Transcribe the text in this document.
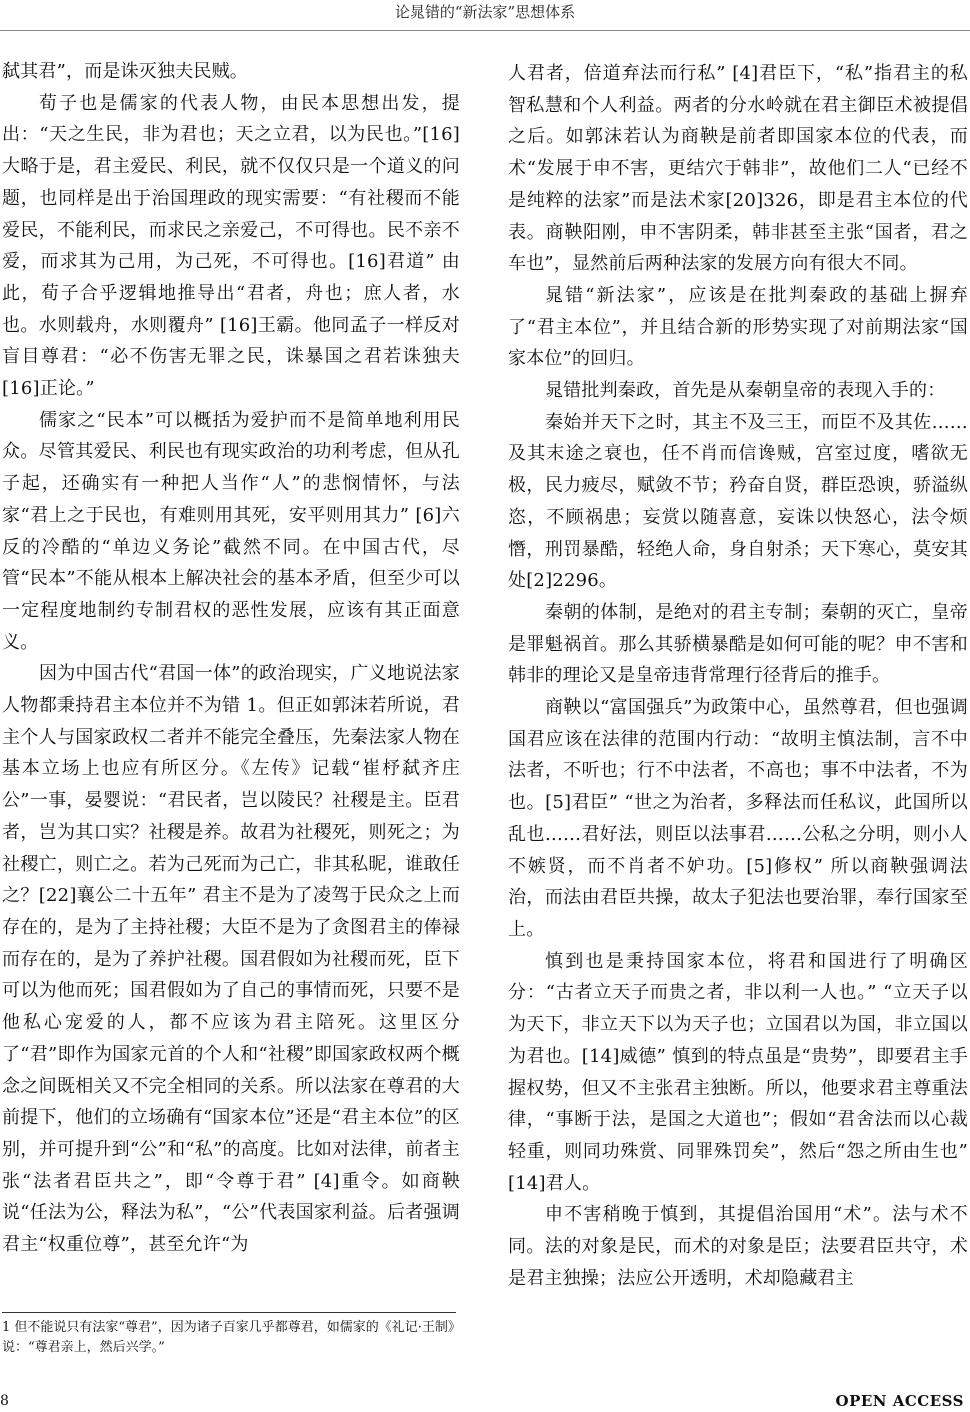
论晁错的“新法家”思想体系

弑其君”，而是诛灭独夫民贼。

荀子也是儒家的代表人物，由民本思想出发，提出：“天之生民，非为君也；天之立君，以为民也。”[16]大略于是，君主爱民、利民，就不仅仅只是一个道义的问题，也同样是出于治国理政的现实需要：“有社稷而不能爱民，不能利民，而求民之亲爱己，不可得也。民不亲不爱，而求其为己用，为己死，不可得也。[16]君道” 由此，荀子合乎逻辑地推导出“君者，舟也；庶人者，水也。水则载舟，水则覆舟” [16]王霸。他同孟子一样反对盲目尊君：“必不伤害无罪之民，诛暴国之君若诛独夫[16]正论。”

儒家之“民本”可以概括为爱护而不是简单地利用民众。尽管其爱民、利民也有现实政治的功利考虑，但从孔子起，还确实有一种把人当作“人”的悲悯情怀，与法家“君上之于民也，有难则用其死，安平则用其力” [6]六反的冷酷的“单边义务论”截然不同。在中国古代，尽管“民本”不能从根本上解决社会的基本矛盾，但至少可以一定程度地制约专制君权的恶性发展，应该有其正面意义。

因为中国古代“君国一体”的政治现实，广义地说法家人物都秉持君主本位并不为错 1。但正如郭沫若所说，君主个人与国家政权二者并不能完全叠压，先秦法家人物在基本立场上也应有所区分。《左传》记载“崔杼弑齐庄公”一事，晏婴说：“君民者，岂以陵民？社稷是主。臣君者，岂为其口实？社稷是养。故君为社稷死，则死之；为社稷亡，则亡之。若为己死而为己亡，非其私昵，谁敢任之？[22]襄公二十五年” 君主不是为了凌驾于民众之上而存在的，是为了主持社稷；大臣不是为了贪图君主的俸禄而存在的，是为了养护社稷。国君假如为社稷而死，臣下可以为他而死；国君假如为了自己的事情而死，只要不是他私心宠爱的人，都不应该为君主陪死。这里区分了“君”即作为国家元首的个人和“社稷”即国家政权两个概念之间既相关又不完全相同的关系。所以法家在尊君的大前提下，他们的立场确有“国家本位”还是“君主本位”的区别，并可提升到“公”和“私”的高度。比如对法律，前者主张“法者君臣共之”，即“令尊于君” [4]重令。如商鞅说“任法为公，释法为私”，“公”代表国家利益。后者强调君主“权重位尊”，甚至允许“为

1 但不能说只有法家“尊君”，因为诸子百家几乎都尊君，如儒家的《礼记·王制》说：“尊君亲上，然后兴学。”

人君者，倍道弃法而行私” [4]君臣下，“私”指君主的私智私慧和个人利益。两者的分水岭就在君主御臣术被提倡之后。如郭沫若认为商鞅是前者即国家本位的代表，而术“发展于申不害，更结穴于韩非”，故他们二人“已经不是纯粹的法家”而是法术家[20]326，即是君主本位的代表。商鞅阳刚，申不害阴柔，韩非甚至主张“国者，君之车也”，显然前后两种法家的发展方向有很大不同。

晁错“新法家”，应该是在批判秦政的基础上摒弃了“君主本位”，并且结合新的形势实现了对前期法家“国家本位”的回归。

晁错批判秦政，首先是从秦朝皇帝的表现入手的：

秦始并天下之时，其主不及三王，而臣不及其佐……及其末途之衰也，任不肖而信谗贼，宫室过度，嗜欲无极，民力疲尽，赋敛不节；矜奋自贤，群臣恐谀，骄溢纵恣，不顾祸患；妄赏以随喜意，妄诛以快怒心，法令烦憯，刑罚暴酷，轻绝人命，身自射杀；天下寒心，莫安其处[2]2296。

秦朝的体制，是绝对的君主专制；秦朝的灭亡，皇帝是罪魁祸首。那么其骄横暴酷是如何可能的呢？申不害和韩非的理论又是皇帝违背常理行径背后的推手。

商鞅以“富国强兵”为政策中心，虽然尊君，但也强调国君应该在法律的范围内行动：“故明主慎法制，言不中法者，不听也；行不中法者，不高也；事不中法者，不为也。[5]君臣” “世之为治者，多释法而任私议，此国所以乱也……君好法，则臣以法事君……公私之分明，则小人不嫉贤，而不肖者不妒功。[5]修权” 所以商鞅强调法治，而法由君臣共操，故太子犯法也要治罪，奉行国家至上。

慎到也是秉持国家本位，将君和国进行了明确区分：“古者立天子而贵之者，非以利一人也。” “立天子以为天下，非立天下以为天子也；立国君以为国，非立国以为君也。[14]威德” 慎到的特点虽是“贵势”，即要君主手握权势，但又不主张君主独断。所以，他要求君主尊重法律，“事断于法，是国之大道也”；假如“君舍法而以心裁轻重，则同功殊赏、同罪殊罚矣”，然后“怨之所由生也” [14]君人。

申不害稍晚于慎到，其提倡治国用“术”。法与术不同。法的对象是民，而术的对象是臣；法要君臣共守，术是君主独操；法应公开透明，术却隐藏君主

8	OPEN ACCESS
